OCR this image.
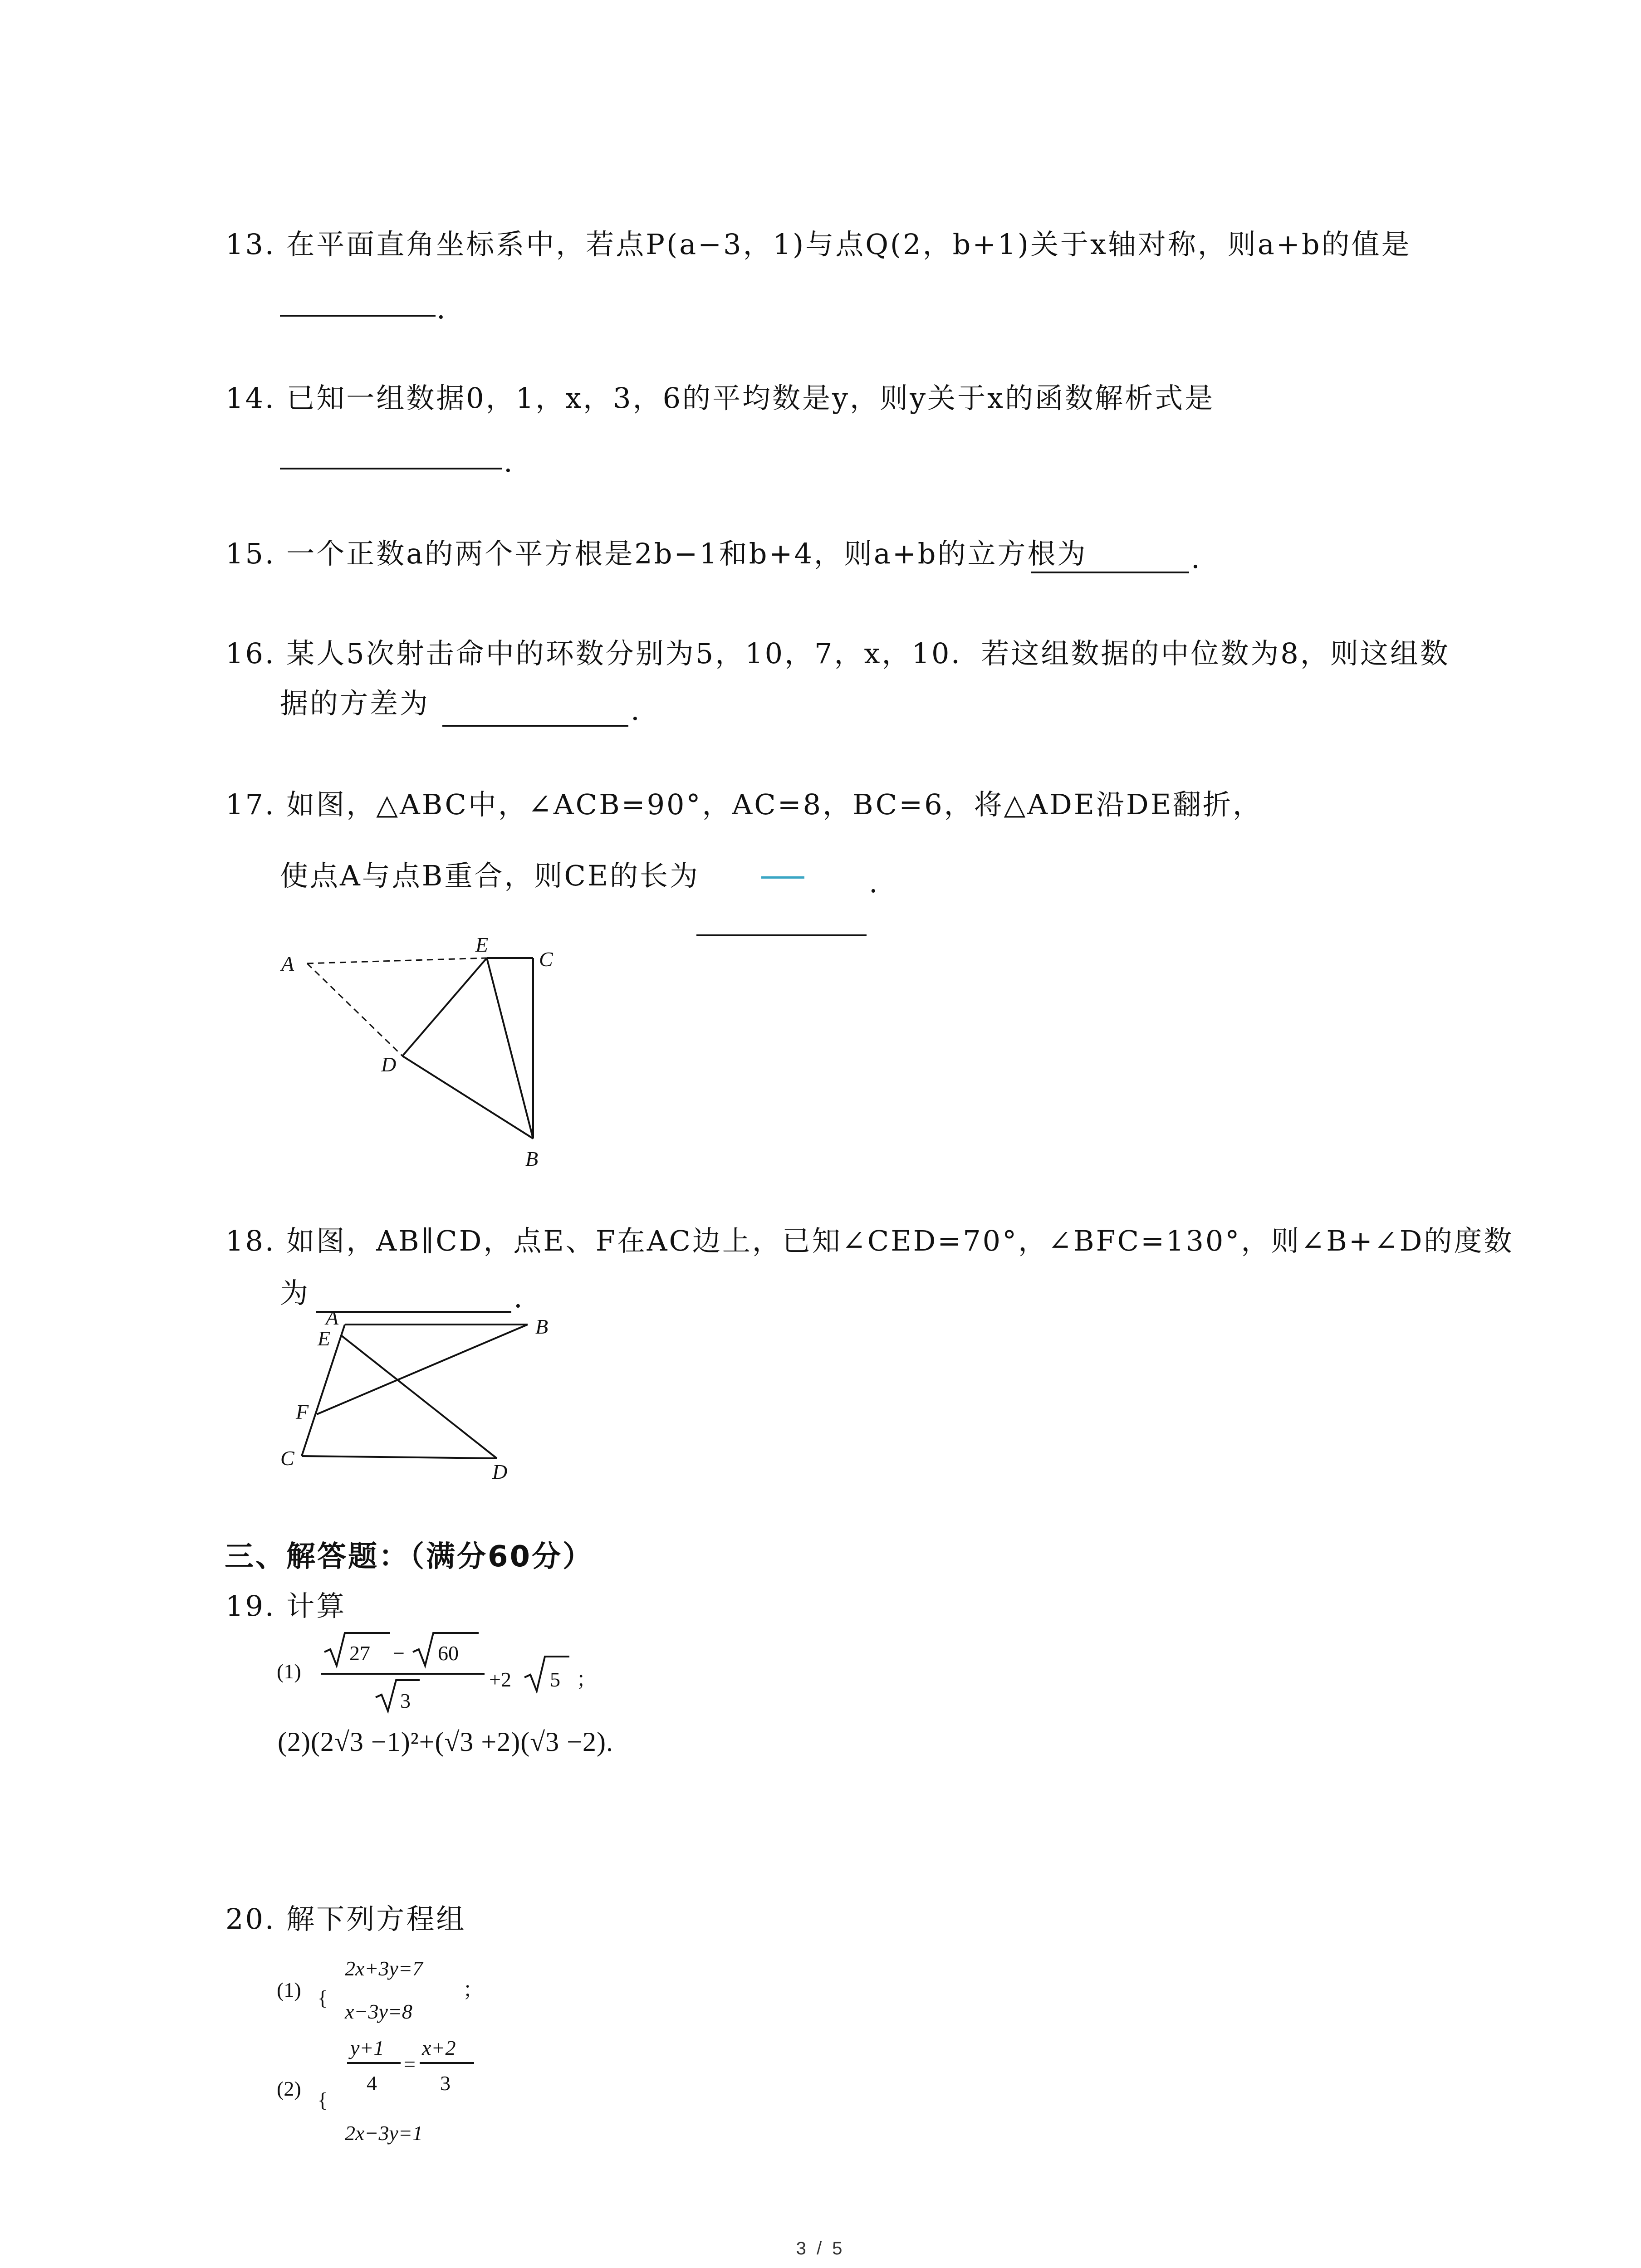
13. 在平面直角坐标系中，若点P(a−3，1)与点Q(2，b+1)关于x轴对称，则a+b的值是
.
14. 已知一组数据0，1，x，3，6的平均数是y，则y关于x的函数解析式是
.
15. 一个正数a的两个平方根是2b−1和b+4，则a+b的立方根为	.
16. 某人5次射击命中的环数分别为5，10，7，x，10．若这组数据的中位数为8，则这组数
据的方差为	.
17. 如图，△ABC中，∠ACB=90°，AC=8，BC=6，将△ADE沿DE翻折，
使点A与点B重合，则CE的长为	.
A
E
C
D
B
18. 如图，AB∥CD，点E、F在AC边上，已知∠CED=70°，∠BFC=130°，则∠B+∠D的度数
为	.
A
E
B
F
C
D
三、解答题：（满分60分）
19. 计算
(1)
27 − 60
3
+2 5 ；
(2)(2√3 −1)²+(√3 +2)(√3 −2).
20. 解下列方程组
(1) {
2x+3y=7
x−3y=8
；
(2) {
y+1
4
=
x+2
3
2x−3y=1
3 / 5
